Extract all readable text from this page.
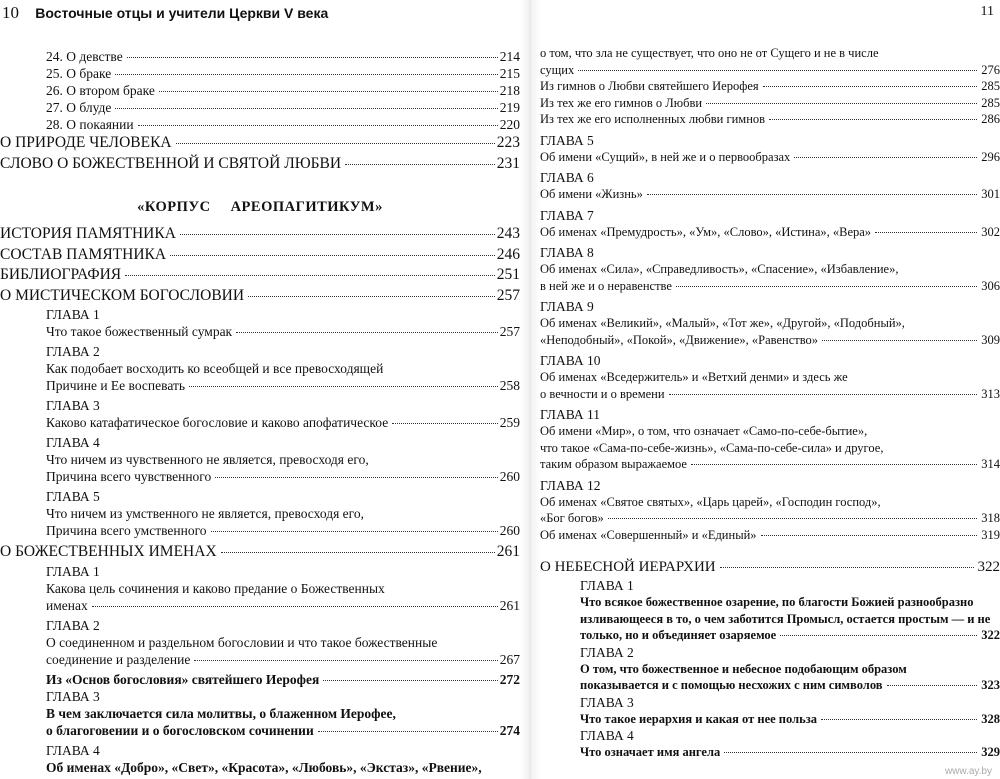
10 Восточные отцы и учители Церкви V века
24. О девстве	214
25. О браке	215
26. О втором браке	218
27. О блуде	219
28. О покаянии	220
О ПРИРОДЕ ЧЕЛОВЕКА	223
СЛОВО О БОЖЕСТВЕННОЙ И СВЯТОЙ ЛЮБВИ	231
«КОРПУС АРЕОПАГИТИКУМ»
ИСТОРИЯ ПАМЯТНИКА	243
СОСТАВ ПАМЯТНИКА	246
БИБЛИОГРАФИЯ	251
О МИСТИЧЕСКОМ БОГОСЛОВИИ	257
ГЛАВА 1
Что такое божественный сумрак	257
ГЛАВА 2
Как подобает восходить ко всеобщей и все превосходящей
Причине и Ее воспевать	258
ГЛАВА 3
Каково катафатическое богословие и каково апофатическое	259
ГЛАВА 4
Что ничем из чувственного не является, превосходя его,
Причина всего чувственного	260
ГЛАВА 5
Что ничем из умственного не является, превосходя его,
Причина всего умственного	260
О БОЖЕСТВЕННЫХ ИМЕНАХ	261
ГЛАВА 1
Какова цель сочинения и каково предание о Божественных
именах	261
ГЛАВА 2
О соединенном и раздельном богословии и что такое божественные
соединение и разделение	267
Из «Основ богословия» святейшего Иерофея	272
ГЛАВА 3
В чем заключается сила молитвы, о блаженном Иерофее,
о благоговении и о богословском сочинении	274
ГЛАВА 4
Об именах «Добро», «Свет», «Красота», «Любовь», «Экстаз», «Рвение»,
11
о том, что зла не существует, что оно не от Сущего и не в числе
сущих	276
Из гимнов о Любви святейшего Иерофея	285
Из тех же его гимнов о Любви	285
Из тех же его исполненных любви гимнов	286
ГЛАВА 5
Об имени «Сущий», в ней же и о первообразах	296
ГЛАВА 6
Об имени «Жизнь»	301
ГЛАВА 7
Об именах «Премудрость», «Ум», «Слово», «Истина», «Вера»	302
ГЛАВА 8
Об именах «Сила», «Справедливость», «Спасение», «Избавление»,
в ней же и о неравенстве	306
ГЛАВА 9
Об именах «Великий», «Малый», «Тот же», «Другой», «Подобный»,
«Неподобный», «Покой», «Движение», «Равенство»	309
ГЛАВА 10
Об именах «Вседержитель» и «Ветхий денми» и здесь же
о вечности и о времени	313
ГЛАВА 11
Об имени «Мир», о том, что означает «Само-по-себе-бытие»,
что такое «Сама-по-себе-жизнь», «Сама-по-себе-сила» и другое,
таким образом выражаемое	314
ГЛАВА 12
Об именах «Святое святых», «Царь царей», «Господин господ»,
«Бог богов»	318
Об именах «Совершенный» и «Единый»	319
О НЕБЕСНОЙ ИЕРАРХИИ	322
ГЛАВА 1
Что всякое божественное озарение, по благости Божией разнообразно
изливающееся в то, о чем заботится Промысл, остается простым — и не
только, но и объединяет озаряемое	322
ГЛАВА 2
О том, что божественное и небесное подобающим образом
показывается и с помощью несхожих с ним символов	323
ГЛАВА 3
Что такое иерархия и какая от нее польза	328
ГЛАВА 4
Что означает имя ангела	329
www.ay.by
